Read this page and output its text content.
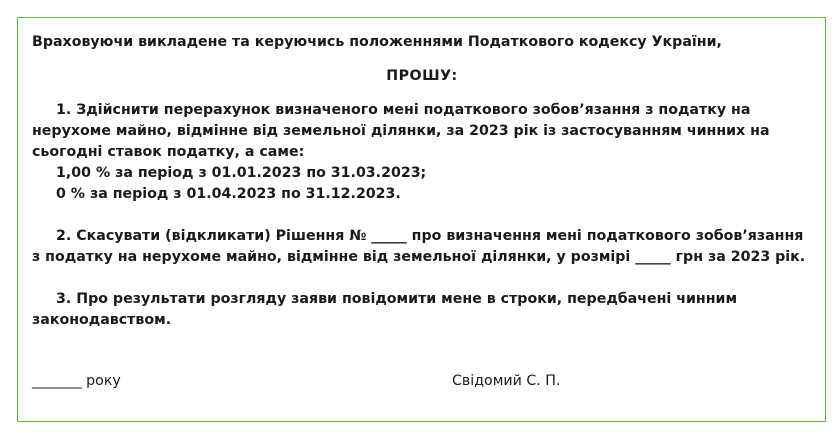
Враховуючи викладене та керуючись положеннями Податкового кодексу України,

ПРОШУ:

1. Здійснити перерахунок визначеного мені податкового зобов’язання з податку на нерухоме майно, відмінне від земельної ділянки, за 2023 рік із застосуванням чинних на сьогодні ставок податку, а саме:

1,00 % за період з 01.01.2023 по 31.03.2023;

0 % за період з 01.04.2023 по 31.12.2023.

2. Скасувати (відкликати) Рішення № _____ про визначення мені податкового зобов’язання з податку на нерухоме майно, відмінне від земельної ділянки, у розмірі _____ грн за 2023 рік.

3. Про результати розгляду заяви повідомити мене в строки, передбачені чинним законодавством.

_______ року	Свідомий С. П.
